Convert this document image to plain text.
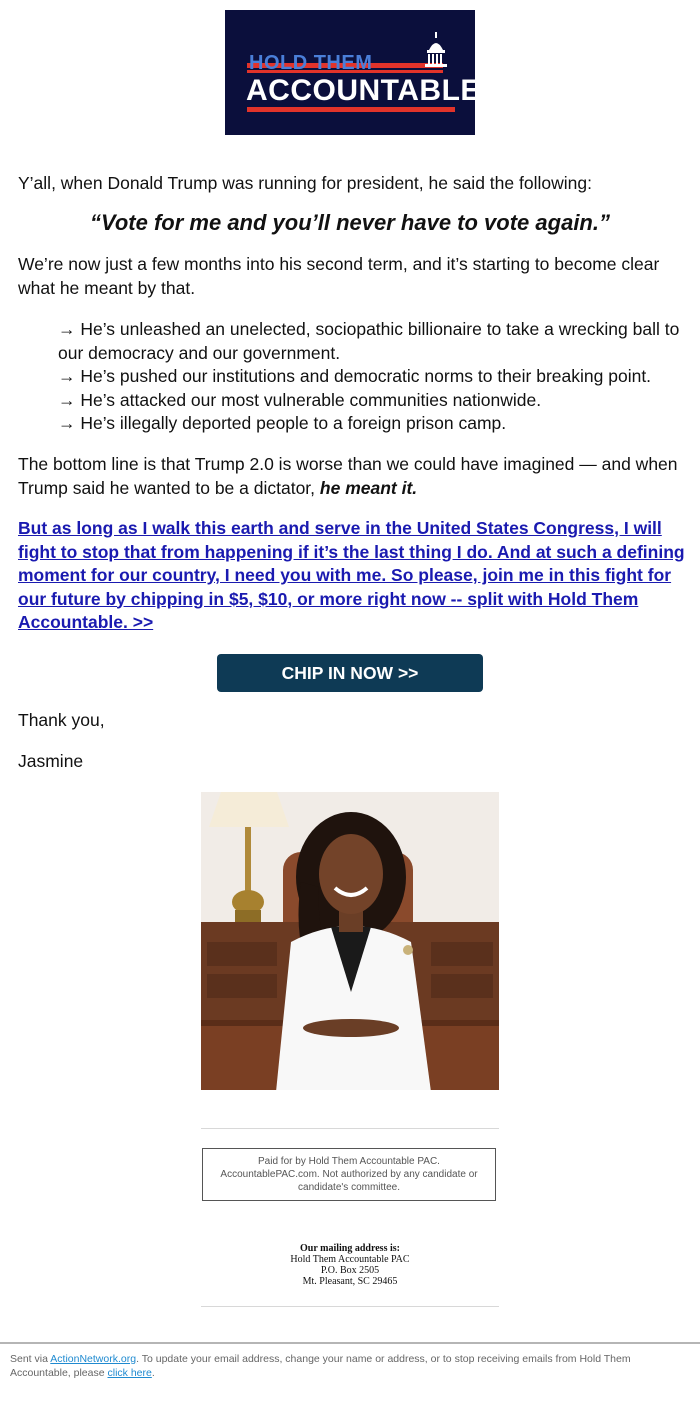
HOLD THEM
ACCOUNTABLE

Y’all, when Donald Trump was running for president, he said the following:

“Vote for me and you’ll never have to vote again.”

We’re now just a few months into his second term, and it’s starting to become clear what he meant by that.

→ He’s unleashed an unelected, sociopathic billionaire to take a wrecking ball to our democracy and our government.
→ He’s pushed our institutions and democratic norms to their breaking point.
→ He’s attacked our most vulnerable communities nationwide.
→ He’s illegally deported people to a foreign prison camp.

The bottom line is that Trump 2.0 is worse than we could have imagined — and when Trump said he wanted to be a dictator, he meant it.

But as long as I walk this earth and serve in the United States Congress, I will fight to stop that from happening if it’s the last thing I do. And at such a defining moment for our country, I need you with me. So please, join me in this fight for our future by chipping in $5, $10, or more right now -- split with Hold Them Accountable. >>
CHIP IN NOW >>

Thank you,

Jasmine

Paid for by Hold Them Accountable PAC. AccountablePAC.com. Not authorized by any candidate or candidate's committee.
Our mailing address is:
Hold Them Accountable PAC
P.O. Box 2505
Mt. Pleasant, SC 29465
Sent via ActionNetwork.org. To update your email address, change your name or address, or to stop receiving emails from Hold Them Accountable, please click here.
